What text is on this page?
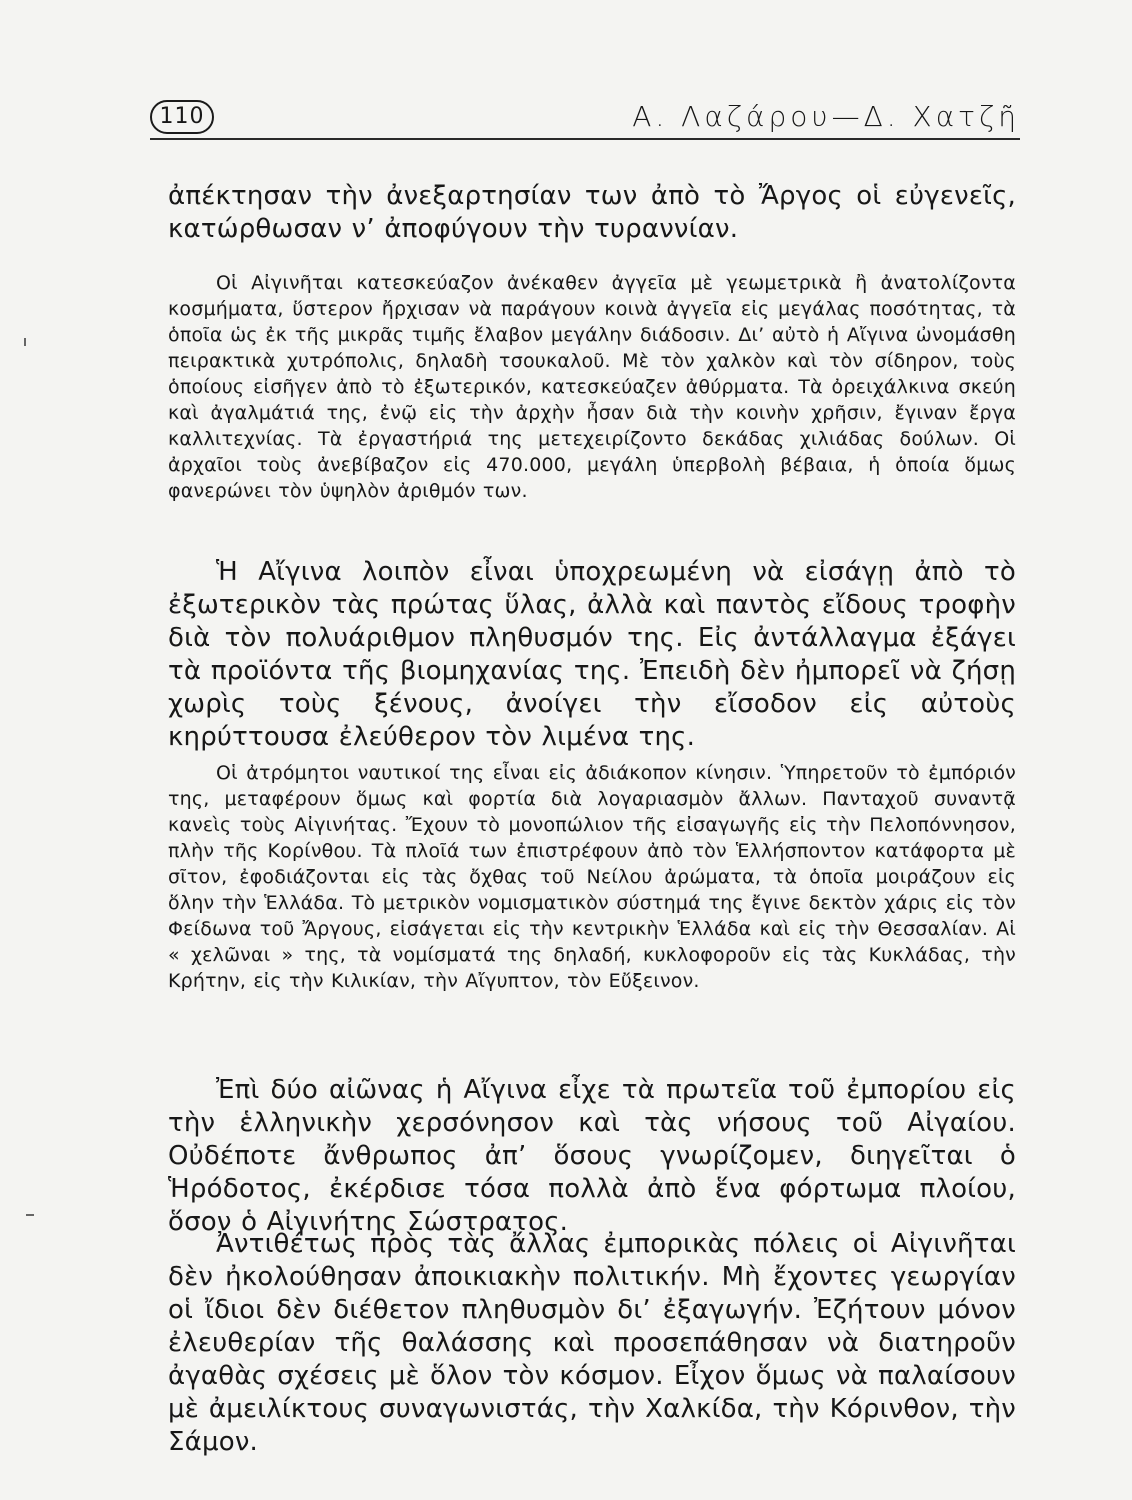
110	Α. Λαζάρου—Δ. Χατζῆ
ἀπέκτησαν τὴν ἀνεξαρτησίαν των ἀπὸ τὸ Ἄργος οἱ εὐγενεῖς, κατώρθωσαν ν’ ἀποφύγουν τὴν τυραννίαν.
Οἱ Αἰγινῆται κατεσκεύαζον ἀνέκαθεν ἀγγεῖα μὲ γεωμετρικὰ ἢ ἀνατολίζοντα κοσμήματα, ὕστερον ἤρχισαν νὰ παράγουν κοινὰ ἀγγεῖα εἰς μεγάλας ποσότητας, τὰ ὁποῖα ὡς ἐκ τῆς μικρᾶς τιμῆς ἔλαβον μεγάλην διάδοσιν. Δι’ αὐτὸ ἡ Αἴγινα ὠνομάσθη πειρακτικὰ χυτρόπολις, δηλαδὴ τσουκαλοῦ. Μὲ τὸν χαλκὸν καὶ τὸν σίδηρον, τοὺς ὁποίους εἰσῆγεν ἀπὸ τὸ ἐξωτερικόν, κατεσκεύαζεν ἀθύρματα. Τὰ ὀρειχάλκινα σκεύη καὶ ἀγαλμάτιά της, ἐνῷ εἰς τὴν ἀρχὴν ἦσαν διὰ τὴν κοινὴν χρῆσιν, ἔγιναν ἔργα καλλιτεχνίας. Τὰ ἐργαστήριά της μετεχειρίζοντο δεκάδας χιλιάδας δούλων. Οἱ ἀρχαῖοι τοὺς ἀνεβίβαζον εἰς 470.000, μεγάλη ὑπερβολὴ βέβαια, ἡ ὁποία ὅμως φανερώνει τὸν ὑψηλὸν ἀριθμόν των.
Ἡ Αἴγινα λοιπὸν εἶναι ὑποχρεωμένη νὰ εἰσάγῃ ἀπὸ τὸ ἐξωτερικὸν τὰς πρώτας ὕλας, ἀλλὰ καὶ παντὸς εἴδους τροφὴν διὰ τὸν πολυάριθμον πληθυσμόν της. Εἰς ἀντάλλαγμα ἐξάγει τὰ προϊόντα τῆς βιομηχανίας της. Ἐπειδὴ δὲν ἠμπορεῖ νὰ ζήσῃ χωρὶς τοὺς ξένους, ἀνοίγει τὴν εἴσοδον εἰς αὐτοὺς κηρύττουσα ἐλεύθερον τὸν λιμένα της.
Οἱ ἀτρόμητοι ναυτικοί της εἶναι εἰς ἀδιάκοπον κίνησιν. Ὑπηρετοῦν τὸ ἐμπόριόν της, μεταφέρουν ὅμως καὶ φορτία διὰ λογαριασμὸν ἄλλων. Πανταχοῦ συναντᾷ κανεὶς τοὺς Αἰγινήτας. Ἔχουν τὸ μονοπώλιον τῆς εἰσαγωγῆς εἰς τὴν Πελοπόννησον, πλὴν τῆς Κορίνθου. Τὰ πλοῖά των ἐπιστρέφουν ἀπὸ τὸν Ἑλλήσποντον κατάφορτα μὲ σῖτον, ἐφοδιάζονται εἰς τὰς ὄχθας τοῦ Νείλου ἀρώματα, τὰ ὁποῖα μοιράζουν εἰς ὅλην τὴν Ἑλλάδα. Τὸ μετρικὸν νομισματικὸν σύστημά της ἔγινε δεκτὸν χάρις εἰς τὸν Φείδωνα τοῦ Ἄργους, εἰσάγεται εἰς τὴν κεντρικὴν Ἑλλάδα καὶ εἰς τὴν Θεσσαλίαν. Αἱ « χελῶναι » της, τὰ νομίσματά της δηλαδή, κυκλοφοροῦν εἰς τὰς Κυκλάδας, τὴν Κρήτην, εἰς τὴν Κιλικίαν, τὴν Αἴγυπτον, τὸν Εὔξεινον.
Ἐπὶ δύο αἰῶνας ἡ Αἴγινα εἶχε τὰ πρωτεῖα τοῦ ἐμπορίου εἰς τὴν ἑλληνικὴν χερσόνησον καὶ τὰς νήσους τοῦ Αἰγαίου. Οὐδέποτε ἄνθρωπος ἀπ’ ὅσους γνωρίζομεν, διηγεῖται ὁ Ἡρόδοτος, ἐκέρδισε τόσα πολλὰ ἀπὸ ἕνα φόρτωμα πλοίου, ὅσον ὁ Αἰγινήτης Σώστρατος.
Ἀντιθέτως πρὸς τὰς ἄλλας ἐμπορικὰς πόλεις οἱ Αἰγινῆται δὲν ἠκολούθησαν ἀποικιακὴν πολιτικήν. Μὴ ἔχοντες γεωργίαν οἱ ἴδιοι δὲν διέθετον πληθυσμὸν δι’ ἐξαγωγήν. Ἐζήτουν μόνον ἐλευθερίαν τῆς θαλάσσης καὶ προσεπάθησαν νὰ διατηροῦν ἀγαθὰς σχέσεις μὲ ὅλον τὸν κόσμον. Εἶχον ὅμως νὰ παλαίσουν μὲ ἀμειλίκτους συναγωνιστάς, τὴν Χαλκίδα, τὴν Κόρινθον, τὴν Σάμον.
